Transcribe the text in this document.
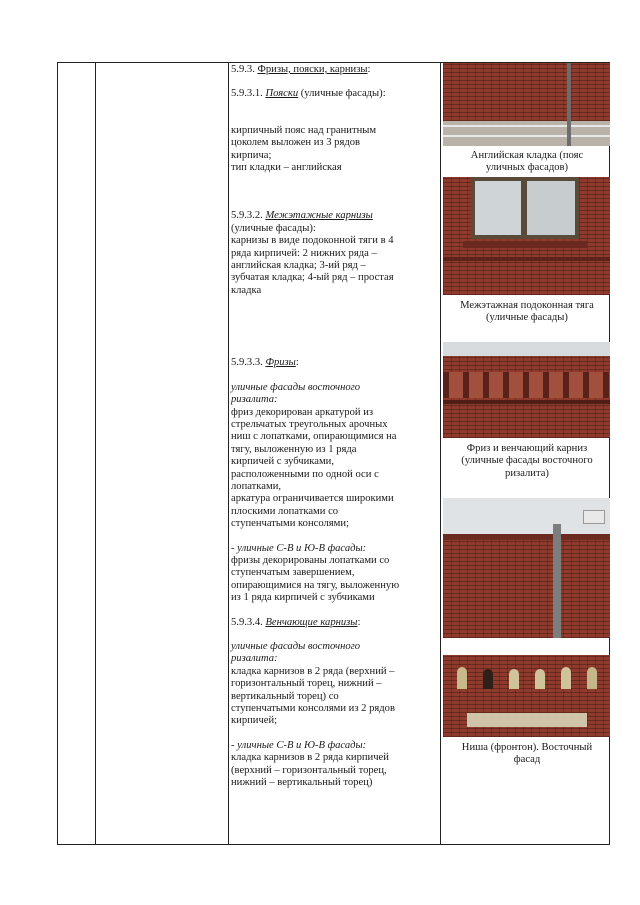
5.9.3. Фризы, пояски, карнизы:

5.9.3.1. Пояски (уличные фасады):

кирпичный пояс над гранитным

цоколем выложен из 3 рядов

кирпича;

тип кладки – английская

5.9.3.2. Межэтажные карнизы

(уличные фасады):

карнизы в виде подоконной тяги в 4

ряда кирпичей: 2 нижних ряда –

английская кладка; 3-ий ряд –

зубчатая кладка; 4-ый ряд – простая

кладка

5.9.3.3. Фризы:

уличные фасады восточного

ризалита:

фриз декорирован аркатурой из

стрельчатых треугольных арочных

ниш с лопатками, опирающимися на

тягу, выложенную из 1 ряда

кирпичей с зубчиками,

расположенными по одной оси с

лопатками,

аркатура ограничивается широкими

плоскими лопатками со

ступенчатыми консолями;

- уличные С-В и Ю-В фасады:

фризы декорированы лопатками со

ступенчатым завершением,

опирающимися на тягу, выложенную

из 1 ряда кирпичей с зубчиками

5.9.3.4. Венчающие карнизы:

уличные фасады восточного

ризалита:

кладка карнизов в 2 ряда (верхний –

горизонтальный торец, нижний –

вертикальный торец) со

ступенчатыми консолями из 2 рядов

кирпичей;

- уличные С-В и Ю-В фасады:

кладка карнизов в 2 ряда кирпичей

(верхний – горизонтальный торец,

нижний – вертикальный торец)

Английская кладка (пояс
уличных фасадов)
Межэтажная подоконная тяга
(уличные фасады)
Фриз и венчающий карниз
(уличные фасады восточного
ризалита)
Ниша (фронтон). Восточный
фасад
